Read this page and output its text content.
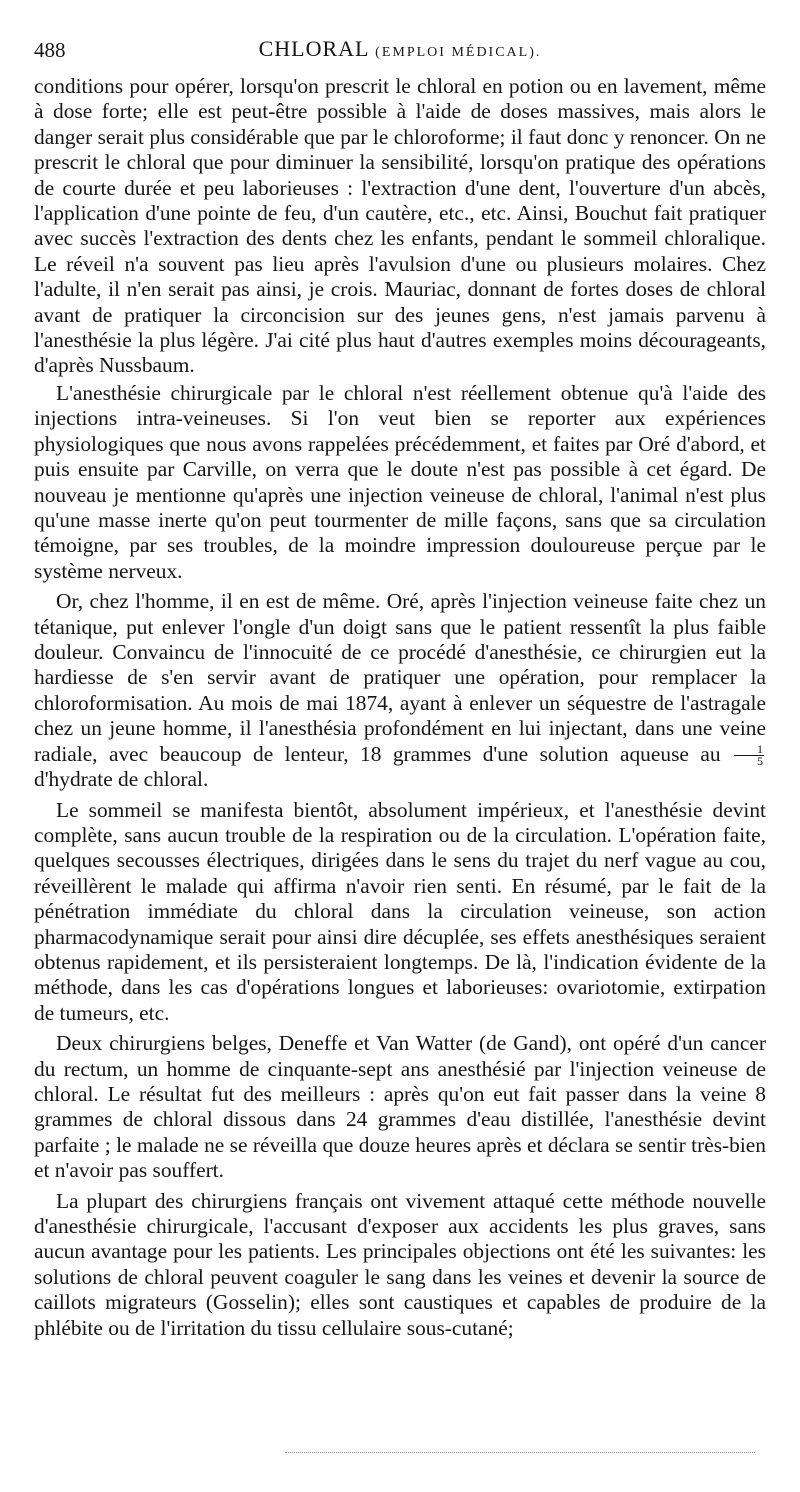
488	CHLORAL (EMPLOI MÉDICAL).

conditions pour opérer, lorsqu'on prescrit le chloral en potion ou en lavement, même à dose forte; elle est peut-être possible à l'aide de doses massives, mais alors le danger serait plus considérable que par le chloroforme; il faut donc y renoncer. On ne prescrit le chloral que pour diminuer la sensibilité, lorsqu'on pratique des opérations de courte durée et peu laborieuses : l'extraction d'une dent, l'ouverture d'un abcès, l'application d'une pointe de feu, d'un cautère, etc., etc. Ainsi, Bouchut fait pratiquer avec succès l'extraction des dents chez les enfants, pendant le sommeil chloralique. Le réveil n'a souvent pas lieu après l'avulsion d'une ou plusieurs molaires. Chez l'adulte, il n'en serait pas ainsi, je crois. Mauriac, donnant de fortes doses de chloral avant de pratiquer la circoncision sur des jeunes gens, n'est jamais parvenu à l'anesthésie la plus légère. J'ai cité plus haut d'autres exemples moins décourageants, d'après Nussbaum.

L'anesthésie chirurgicale par le chloral n'est réellement obtenue qu'à l'aide des injections intra-veineuses. Si l'on veut bien se reporter aux expériences physiologiques que nous avons rappelées précédemment, et faites par Oré d'abord, et puis ensuite par Carville, on verra que le doute n'est pas possible à cet égard. De nouveau je mentionne qu'après une injection veineuse de chloral, l'animal n'est plus qu'une masse inerte qu'on peut tourmenter de mille façons, sans que sa circulation témoigne, par ses troubles, de la moindre impression douloureuse perçue par le système nerveux.

Or, chez l'homme, il en est de même. Oré, après l'injection veineuse faite chez un tétanique, put enlever l'ongle d'un doigt sans que le patient ressentît la plus faible douleur. Convaincu de l'innocuité de ce procédé d'anesthésie, ce chirurgien eut la hardiesse de s'en servir avant de pratiquer une opération, pour remplacer la chloroformisation. Au mois de mai 1874, ayant à enlever un séquestre de l'astragale chez un jeune homme, il l'anesthésia profondément en lui injectant, dans une veine radiale, avec beaucoup de lenteur, 18 grammes d'une solution aqueuse au $\frac{1}{5}$
d'hydrate de chloral.

Le sommeil se manifesta bientôt, absolument impérieux, et l'anesthésie devint complète, sans aucun trouble de la respiration ou de la circulation. L'opération faite, quelques secousses électriques, dirigées dans le sens du trajet du nerf vague au cou, réveillèrent le malade qui affirma n'avoir rien senti. En résumé, par le fait de la pénétration immédiate du chloral dans la circulation veineuse, son action pharmacodynamique serait pour ainsi dire décuplée, ses effets anesthésiques seraient obtenus rapidement, et ils persisteraient longtemps. De là, l'indication évidente de la méthode, dans les cas d'opérations longues et laborieuses: ovariotomie, extirpation de tumeurs, etc.

Deux chirurgiens belges, Deneffe et Van Watter (de Gand), ont opéré d'un cancer du rectum, un homme de cinquante-sept ans anesthésié par l'injection veineuse de chloral. Le résultat fut des meilleurs : après qu'on eut fait passer dans la veine 8 grammes de chloral dissous dans 24 grammes d'eau distillée, l'anesthésie devint parfaite ; le malade ne se réveilla que douze heures après et déclara se sentir très-bien et n'avoir pas souffert.

La plupart des chirurgiens français ont vivement attaqué cette méthode nouvelle d'anesthésie chirurgicale, l'accusant d'exposer aux accidents les plus graves, sans aucun avantage pour les patients. Les principales objections ont été les suivantes: les solutions de chloral peuvent coaguler le sang dans les veines et devenir la source de caillots migrateurs (Gosselin); elles sont caustiques et capables de produire de la phlébite ou de l'irritation du tissu cellulaire sous-cutané;
